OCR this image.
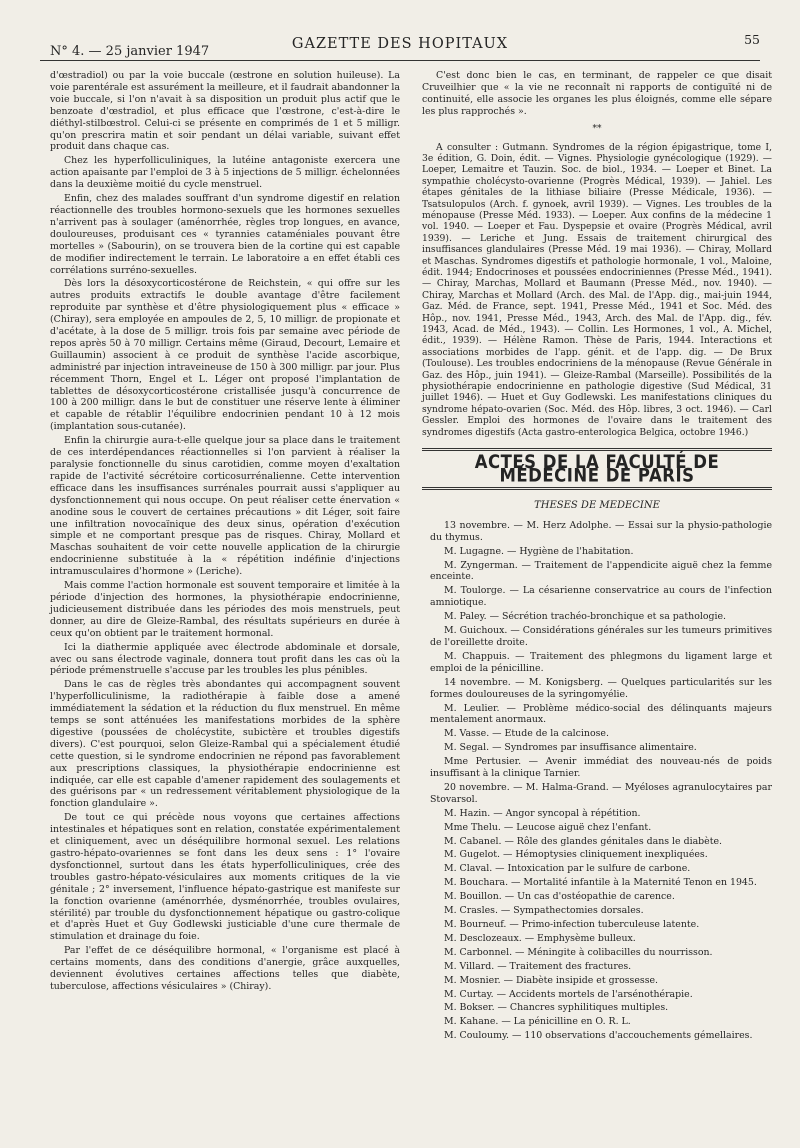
N° 4. — 25 janvier 1947	GAZETTE DES HOPITAUX	55

d'œstradiol) ou par la voie buccale (œstrone en solution huileuse). La voie parentérale est assurément la meilleure, et il faudrait abandonner la voie buccale, si l'on n'avait à sa disposition un produit plus actif que le benzoate d'œstradiol, et plus efficace que l'œstrone, c'est-à-dire le diéthyl-stilbœstrol. Celui-ci se présente en comprimés de 1 et 5 milligr. qu'on prescrira matin et soir pendant un délai variable, suivant effet produit dans chaque cas.

Chez les hyperfolliculiniques, la lutéine antagoniste exercera une action apaisante par l'emploi de 3 à 5 injections de 5 milligr. échelonnées dans la deuxième moitié du cycle menstruel.

Enfin, chez des malades souffrant d'un syndrome digestif en relation réactionnelle des troubles hormono-sexuels que les hormones sexuelles n'arrivent pas à soulager (aménorrhée, règles trop longues, en avance, douloureuses, produisant ces « tyrannies cataméniales pouvant être mortelles » (Sabourin), on se trouvera bien de la cortine qui est capable de modifier indirectement le terrain. Le laboratoire a en effet établi ces corrélations surréno-sexuelles.

Dès lors la désoxycorticostérone de Reichstein, « qui offre sur les autres produits extractifs le double avantage d'être facilement reproduite par synthèse et d'être physiologiquement plus « efficace » (Chiray), sera employée en ampoules de 2, 5, 10 milligr. de propionate et d'acétate, à la dose de 5 milligr. trois fois par semaine avec période de repos après 50 à 70 milligr. Certains même (Giraud, Decourt, Lemaire et Guillaumin) associent à ce produit de synthèse l'acide ascorbique, administré par injection intraveineuse de 150 à 300 milligr. par jour. Plus récemment Thorn, Engel et L. Léger ont proposé l'implantation de tablettes de désoxycorticostérone cristallisée jusqu'à concurrence de 100 à 200 milligr. dans le but de constituer une réserve lente à éliminer et capable de rétablir l'équilibre endocrinien pendant 10 à 12 mois (implantation sous-cutanée).

Enfin la chirurgie aura-t-elle quelque jour sa place dans le traitement de ces interdépendances réactionnelles si l'on parvient à réaliser la paralysie fonctionnelle du sinus carotidien, comme moyen d'exaltation rapide de l'activité sécrétoire corticosurrénalienne. Cette intervention efficace dans les insuffisances surrénales pourrait aussi s'appliquer au dysfonctionnement qui nous occupe. On peut réaliser cette énervation « anodine sous le couvert de certaines précautions » dit Léger, soit faire une infiltration novocaïnique des deux sinus, opération d'exécution simple et ne comportant presque pas de risques. Chiray, Mollard et Maschas souhaitent de voir cette nouvelle application de la chirurgie endocrinienne substituée à la « répétition indéfinie d'injections intramusculaires d'hormone » (Leriche).

Mais comme l'action hormonale est souvent temporaire et limitée à la période d'injection des hormones, la physiothérapie endocrinienne, judicieusement distribuée dans les périodes des mois menstruels, peut donner, au dire de Gleize-Rambal, des résultats supérieurs en durée à ceux qu'on obtient par le traitement hormonal.

Ici la diathermie appliquée avec électrode abdominale et dorsale, avec ou sans électrode vaginale, donnera tout profit dans les cas où la période prémenstruelle s'accuse par les troubles les plus pénibles.

Dans le cas de règles très abondantes qui accompagnent souvent l'hyperfolliculinisme, la radiothérapie à faible dose a amené immédiatement la sédation et la réduction du flux menstruel. En même temps se sont atténuées les manifestations morbides de la sphère digestive (poussées de cholécystite, subictère et troubles digestifs divers). C'est pourquoi, selon Gleize-Rambal qui a spécialement étudié cette question, si le syndrome endocrinien ne répond pas favorablement aux prescriptions classiques, la physiothérapie endocrinienne est indiquée, car elle est capable d'amener rapidement des soulagements et des guérisons par « un redressement véritablement physiologique de la fonction glandulaire ».

De tout ce qui précède nous voyons que certaines affections intestinales et hépatiques sont en relation, constatée expérimentalement et cliniquement, avec un déséquilibre hormonal sexuel. Les relations gastro-hépato-ovariennes se font dans les deux sens : 1° l'ovaire dysfonctionnel, surtout dans les états hyperfolliculiniques, crée des troubles gastro-hépato-vésiculaires aux moments critiques de la vie génitale ; 2° inversement, l'influence hépato-gastrique est manifeste sur la fonction ovarienne (aménorrhée, dysménorrhée, troubles ovulaires, stérilité) par trouble du dysfonctionnement hépatique ou gastro-colique et d'après Huet et Guy Godlewski justiciable d'une cure thermale de stimulation et drainage du foie.

Par l'effet de ce déséquilibre hormonal, « l'organisme est placé à certains moments, dans des conditions d'anergie, grâce auxquelles, deviennent évolutives certaines affections telles que diabète, tuberculose, affections vésiculaires » (Chiray).

C'est donc bien le cas, en terminant, de rappeler ce que disait Cruveilhier que « la vie ne reconnaît ni rapports de contiguïté ni de continuité, elle associe les organes les plus éloignés, comme elle sépare les plus rapprochés ».

**

A consulter : Gutmann. Syndromes de la région épigastrique, tome I, 3e édition, G. Doin, édit. — Vignes. Physiologie gynécologique (1929). — Loeper, Lemaitre et Tauzin. Soc. de biol., 1934. — Loeper et Binet. La sympathie cholécysto-ovarienne (Progrès Médical, 1939). — Jahiel. Les étapes génitales de la lithiase biliaire (Presse Médicale, 1936). — Tsatsulopulos (Arch. f. gynoek, avril 1939). — Vignes. Les troubles de la ménopause (Presse Méd. 1933). — Loeper. Aux confins de la médecine 1 vol. 1940. — Loeper et Fau. Dyspepsie et ovaire (Progrès Médical, avril 1939). — Leriche et Jung. Essais de traitement chirurgical des insuffisances glandulaires (Presse Méd. 19 mai 1936). — Chiray, Mollard et Maschas. Syndromes digestifs et pathologie hormonale, 1 vol., Maloine, édit. 1944; Endocrinoses et poussées endocriniennes (Presse Méd., 1941). — Chiray, Marchas, Mollard et Baumann (Presse Méd., nov. 1940). — Chiray, Marchas et Mollard (Arch. des Mal. de l'App. dig., mai-juin 1944, Gaz. Méd. de France, sept. 1941, Presse Méd., 1941 et Soc. Méd. des Hôp., nov. 1941, Presse Méd., 1943, Arch. des Mal. de l'App. dig., fév. 1943, Acad. de Méd., 1943). — Collin. Les Hormones, 1 vol., A. Michel, édit., 1939). — Hélène Ramon. Thèse de Paris, 1944. Interactions et associations morbides de l'app. génit. et de l'app. dig. — De Brux (Toulouse). Les troubles endocriniens de la ménopause (Revue Générale in Gaz. des Hôp., juin 1941). — Gleize-Rambal (Marseille). Possibilités de la physiothérapie endocrinienne en pathologie digestive (Sud Médical, 31 juillet 1946). — Huet et Guy Godlewski. Les manifestations cliniques du syndrome hépato-ovarien (Soc. Méd. des Hôp. libres, 3 oct. 1946). — Carl Gessler. Emploi des hormones de l'ovaire dans le traitement des syndromes digestifs (Acta gastro-enterologica Belgica, octobre 1946.)

ACTES DE LA FACULTÉ DE MÉDECINE DE PARIS
THESES DE MEDECINE

13 novembre. — M. Herz Adolphe. — Essai sur la physio-pathologie du thymus.

M. Lugagne. — Hygiène de l'habitation.

M. Zyngerman. — Traitement de l'appendicite aiguë chez la femme enceinte.

M. Toulorge. — La césarienne conservatrice au cours de l'infection amniotique.

M. Paley. — Sécrétion trachéo-bronchique et sa pathologie.

M. Guichoux. — Considérations générales sur les tumeurs primitives de l'oreillette droite.

M. Chappuis. — Traitement des phlegmons du ligament large et emploi de la pénicilline.

14 novembre. — M. Konigsberg. — Quelques particularités sur les formes douloureuses de la syringomyélie.

M. Leulier. — Problème médico-social des délinquants majeurs mentalement anormaux.

M. Vasse. — Etude de la calcinose.

M. Segal. — Syndromes par insuffisance alimentaire.

Mme Pertusier. — Avenir immédiat des nouveau-nés de poids insuffisant à la clinique Tarnier.

20 novembre. — M. Halma-Grand. — Myéloses agranulocytaires par Stovarsol.

M. Hazin. — Angor syncopal à répétition.

Mme Thelu. — Leucose aiguë chez l'enfant.

M. Cabanel. — Rôle des glandes génitales dans le diabète.

M. Gugelot. — Hémoptysies cliniquement inexpliquées.

M. Claval. — Intoxication par le sulfure de carbone.

M. Bouchara. — Mortalité infantile à la Maternité Tenon en 1945.

M. Bouillon. — Un cas d'ostéopathie de carence.

M. Crasles. — Sympathectomies dorsales.

M. Bourneuf. — Primo-infection tuberculeuse latente.

M. Desclozeaux. — Emphysème bulleux.

M. Carbonnel. — Méningite à colibacilles du nourrisson.

M. Villard. — Traitement des fractures.

M. Mosnier. — Diabète insipide et grossesse.

M. Curtay. — Accidents mortels de l'arsénothérapie.

M. Bokser. — Chancres syphilitiques multiples.

M. Kahane. — La pénicilline en O. R. L.

M. Couloumy. — 110 observations d'accouchements gémellaires.
